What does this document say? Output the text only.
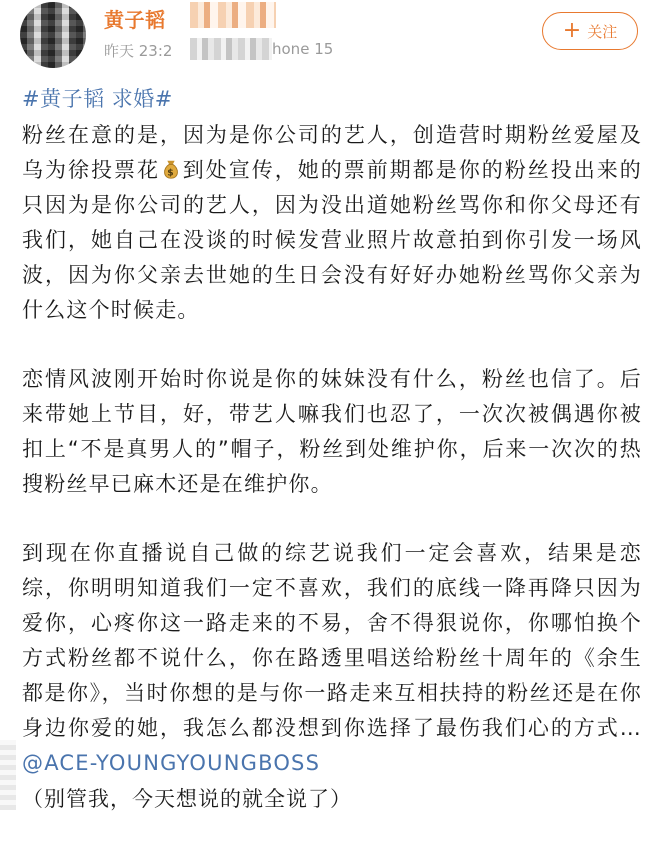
黄子韬
昨天 23:2	hone 15
+ 关注
#黄子韬 求婚#

粉丝在意的是，因为是你公司的艺人，创造营时期粉丝爱屋及乌为徐投票花 $ 到处宣传，她的票前期都是你的粉丝投出来的只因为是你公司的艺人，因为没出道她粉丝骂你和你父母还有我们，她自己在没谈的时候发营业照片故意拍到你引发一场风波，因为你父亲去世她的生日会没有好好办她粉丝骂你父亲为什么这个时候走。

恋情风波刚开始时你说是你的妹妹没有什么，粉丝也信了。后来带她上节目，好，带艺人嘛我们也忍了，一次次被偶遇你被扣上“不是真男人的”帽子，粉丝到处维护你，后来一次次的热搜粉丝早已麻木还是在维护你。

到现在你直播说自己做的综艺说我们一定会喜欢，结果是恋综，你明明知道我们一定不喜欢，我们的底线一降再降只因为爱你，心疼你这一路走来的不易，舍不得狠说你，你哪怕换个方式粉丝都不说什么，你在路透里唱送给粉丝十周年的《余生都是你》，当时你想的是与你一路走来互相扶持的粉丝还是在你身边你爱的她，我怎么都没想到你选择了最伤我们心的方式…@ACE-YOUNGYOUNGBOSS

（别管我，今天想说的就全说了）
